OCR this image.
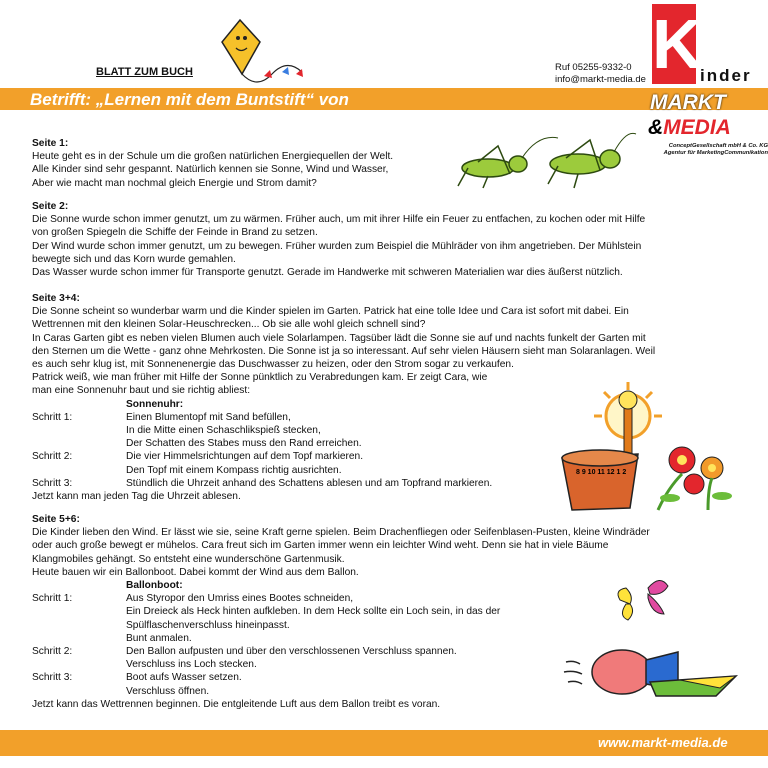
BLATT ZUM BUCH
Betrifft: „Lernen mit dem Buntstift“ von
Ruf 05255-9332-0
info@markt-media.de K
inder
MARKT
&MEDIA
ConceptGesellschaft mbH & Co. KG
Agentur für MarketingCommunikation
Seite 1:
Heute geht es in der Schule um die großen natürlichen Energiequellen der Welt.
Alle Kinder sind sehr gespannt. Natürlich kennen sie Sonne, Wind und Wasser,
Aber wie macht man nochmal gleich Energie und Strom damit?
Seite 2:
Die Sonne wurde schon immer genutzt, um zu wärmen. Früher auch, um mit ihrer Hilfe ein Feuer zu entfachen, zu kochen oder mit Hilfe
von großen Spiegeln die Schiffe der Feinde in Brand zu setzen.
Der Wind wurde schon immer genutzt, um zu bewegen. Früher wurden zum Beispiel die Mühlräder von ihm angetrieben. Der Mühlstein
bewegte sich und das Korn wurde gemahlen.
Das Wasser wurde schon immer für Transporte genutzt. Gerade im Handwerke mit schweren Materialien war dies äußerst nützlich.
Seite 3+4:
Die Sonne scheint so wunderbar warm und die Kinder spielen im Garten. Patrick hat eine tolle Idee und Cara ist sofort mit dabei. Ein
Wettrennen mit den kleinen Solar-Heuschrecken... Ob sie alle wohl gleich schnell sind?
In Caras Garten gibt es neben vielen Blumen auch viele Solarlampen. Tagsüber lädt die Sonne sie auf und nachts funkelt der Garten mit
den Sternen um die Wette - ganz ohne Mehrkosten. Die Sonne ist ja so interessant. Auf sehr vielen Häusern sieht man Solaranlagen. Weil
es auch sehr klug ist, mit Sonnenenergie das Duschwasser zu heizen, oder den Strom sogar zu verkaufen.
Patrick weiß, wie man früher mit Hilfe der Sonne pünktlich zu Verabredungen kam. Er zeigt Cara, wie
man eine Sonnenuhr baut und sie richtig abliest:
Sonnenuhr:
Schritt 1:	Einen Blumentopf mit Sand befüllen,
In die Mitte einen Schaschlikspieß stecken,
Der Schatten des Stabes muss den Rand erreichen.
Schritt 2:	Die vier Himmelsrichtungen auf dem Topf markieren.
Den Topf mit einem Kompass richtig ausrichten.
Schritt 3:	Stündlich die Uhrzeit anhand des Schattens ablesen und am Topfrand markieren.
Jetzt kann man jeden Tag die Uhrzeit ablesen.
8 9 10 11 12 1 2
Seite 5+6:
Die Kinder lieben den Wind. Er lässt wie sie, seine Kraft gerne spielen. Beim Drachenfliegen oder Seifenblasen-Pusten, kleine Windräder
oder auch große bewegt er mühelos. Cara freut sich im Garten immer wenn ein leichter Wind weht. Denn sie hat in viele Bäume
Klangmobiles gehängt. So entsteht eine wunderschöne Gartenmusik.
Heute bauen wir ein Ballonboot. Dabei kommt der Wind aus dem Ballon.
Ballonboot:
Schritt 1:	Aus Styropor den Umriss eines Bootes schneiden,
Ein Dreieck als Heck hinten aufkleben. In dem Heck sollte ein Loch sein, in das der
Spülflaschenverschluss hineinpasst.
Bunt anmalen.
Schritt 2:	Den Ballon aufpusten und über den verschlossenen Verschluss spannen.
Verschluss ins Loch stecken.
Schritt 3:	Boot aufs Wasser setzen.
Verschluss öffnen.
Jetzt kann das Wettrennen beginnen. Die entgleitende Luft aus dem Ballon treibt es voran.
www.markt-media.de
